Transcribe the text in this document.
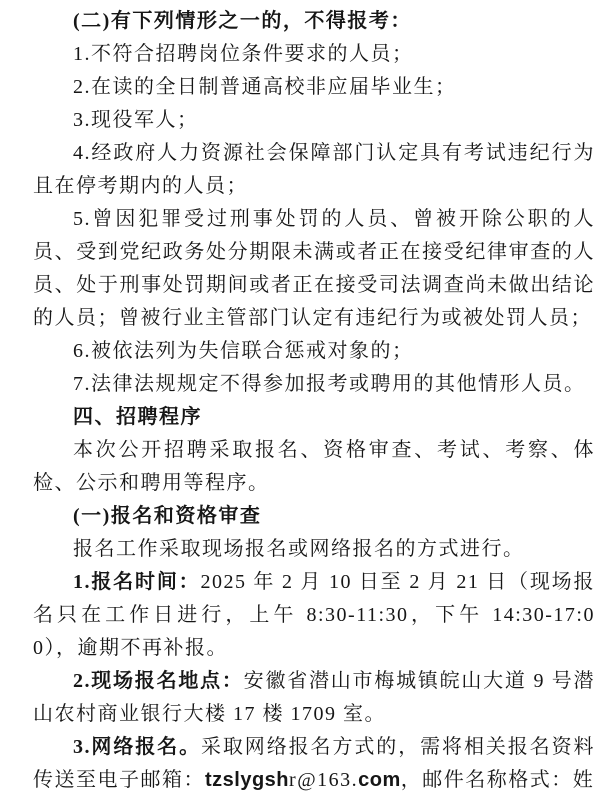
(二)有下列情形之一的，不得报考：

1.不符合招聘岗位条件要求的人员；

2.在读的全日制普通高校非应届毕业生；

3.现役军人；

4.经政府人力资源社会保障部门认定具有考试违纪行为且在停考期内的人员；

5.曾因犯罪受过刑事处罚的人员、曾被开除公职的人员、受到党纪政务处分期限未满或者正在接受纪律审查的人员、处于刑事处罚期间或者正在接受司法调查尚未做出结论的人员；曾被行业主管部门认定有违纪行为或被处罚人员；

6.被依法列为失信联合惩戒对象的；

7.法律法规规定不得参加报考或聘用的其他情形人员。

四、招聘程序

本次公开招聘采取报名、资格审查、考试、考察、体检、公示和聘用等程序。

(一)报名和资格审查

报名工作采取现场报名或网络报名的方式进行。

1.报名时间：2025 年 2 月 10 日至 2 月 21 日（现场报名只在工作日进行，上午 8:30-11:30，下午 14:30-17:00），逾期不再补报。

2.现场报名地点：安徽省潜山市梅城镇皖山大道 9 号潜山农村商业银行大楼 17 楼 1709 室。

3.网络报名。采取网络报名方式的，需将相关报名资料传送至电子邮箱：tzslygshr@163.com，邮件名称格式：姓
